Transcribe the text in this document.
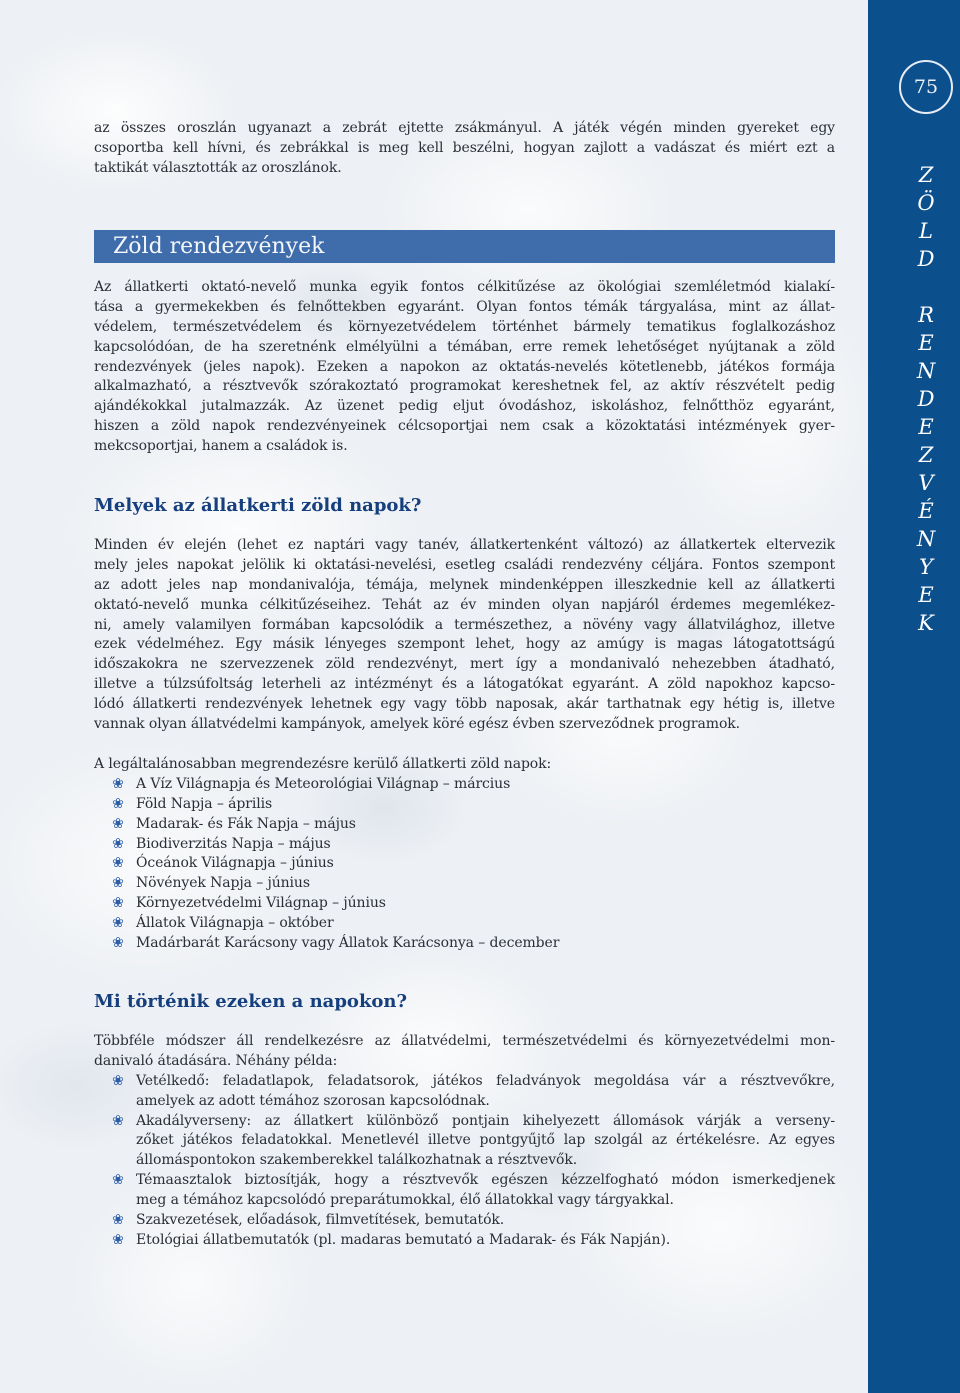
az összes oroszlán ugyanazt a zebrát ejtette zsákmányul. A játék végén minden gyereket egy
csoportba kell hívni, és zebrákkal is meg kell beszélni, hogyan zajlott a vadászat és miért ezt a
taktikát választották az oroszlánok.
Zöld rendezvények
Az állatkerti oktató-nevelő munka egyik fontos célkitűzése az ökológiai szemléletmód kialakí-
tása a gyermekekben és felnőttekben egyaránt. Olyan fontos témák tárgyalása, mint az állat-
védelem, természetvédelem és környezetvédelem történhet bármely tematikus foglalkozáshoz
kapcsolódóan, de ha szeretnénk elmélyülni a témában, erre remek lehetőséget nyújtanak a zöld
rendezvények (jeles napok). Ezeken a napokon az oktatás-nevelés kötetlenebb, játékos formája
alkalmazható, a résztvevők szórakoztató programokat kereshetnek fel, az aktív részvételt pedig
ajándékokkal jutalmazzák. Az üzenet pedig eljut óvodáshoz, iskoláshoz, felnőtthöz egyaránt,
hiszen a zöld napok rendezvényeinek célcsoportjai nem csak a közoktatási intézmények gyer-
mekcsoportjai, hanem a családok is.
Melyek az állatkerti zöld napok?
Minden év elején (lehet ez naptári vagy tanév, állatkertenként változó) az állatkertek eltervezik
mely jeles napokat jelölik ki oktatási-nevelési, esetleg családi rendezvény céljára. Fontos szempont
az adott jeles nap mondanivalója, témája, melynek mindenképpen illeszkednie kell az állatkerti
oktató-nevelő munka célkitűzéseihez. Tehát az év minden olyan napjáról érdemes megemlékez-
ni, amely valamilyen formában kapcsolódik a természethez, a növény vagy állatvilághoz, illetve
ezek védelméhez. Egy másik lényeges szempont lehet, hogy az amúgy is magas látogatottságú
időszakokra ne szervezzenek zöld rendezvényt, mert így a mondanivaló nehezebben átadható,
illetve a túlzsúfoltság leterheli az intézményt és a látogatókat egyaránt. A zöld napokhoz kapcso-
lódó állatkerti rendezvények lehetnek egy vagy több naposak, akár tarthatnak egy hétig is, illetve
vannak olyan állatvédelmi kampányok, amelyek köré egész évben szerveződnek programok.
A legáltalánosabban megrendezésre kerülő állatkerti zöld napok:
❀
A Víz Világnapja és Meteorológiai Világnap – március
❀
Föld Napja – április
❀
Madarak- és Fák Napja – május
❀
Biodiverzitás Napja – május
❀
Óceánok Világnapja – június
❀
Növények Napja – június
❀
Környezetvédelmi Világnap – június
❀
Állatok Világnapja – október
❀
Madárbarát Karácsony vagy Állatok Karácsonya – december
Mi történik ezeken a napokon?
Többféle módszer áll rendelkezésre az állatvédelmi, természetvédelmi és környezetvédelmi mon-
danivaló átadására. Néhány példa:
❀
Vetélkedő: feladatlapok, feladatsorok, játékos feladványok megoldása vár a résztvevőkre,
amelyek az adott témához szorosan kapcsolódnak.
❀
Akadályverseny: az állatkert különböző pontjain kihelyezett állomások várják a verseny-
zőket játékos feladatokkal. Menetlevél illetve pontgyűjtő lap szolgál az értékelésre. Az egyes
állomáspontokon szakemberekkel találkozhatnak a résztvevők.
❀
Témaasztalok biztosítják, hogy a résztvevők egészen kézzelfogható módon ismerkedjenek
meg a témához kapcsolódó preparátumokkal, élő állatokkal vagy tárgyakkal.
❀
Szakvezetések, előadások, filmvetítések, bemutatók.
❀
Etológiai állatbemutatók (pl. madaras bemutató a Madarak- és Fák Napján).
75
Z
Ö
L
D

R
E
N
D
E
Z
V
É
N
Y
E
K
